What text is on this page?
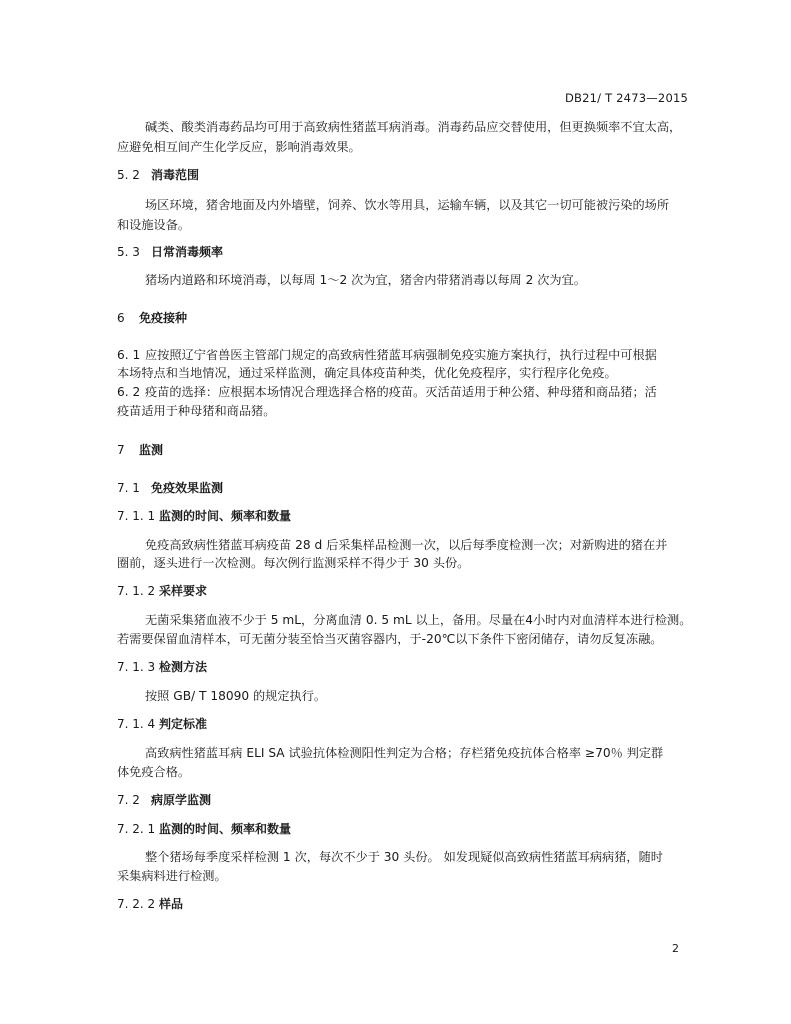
DB21/ T 2473—2015
碱类、酸类消毒药品均可用于高致病性猪蓝耳病消毒。消毒药品应交替使用，但更换频率不宜太高，
应避免相互间产生化学反应，影响消毒效果。
5. 2 消毒范围
场区环境，猪舍地面及内外墙壁，饲养、饮水等用具，运输车辆，以及其它一切可能被污染的场所
和设施设备。
5. 3 日常消毒频率
猪场内道路和环境消毒，以每周 1～2 次为宜，猪舍内带猪消毒以每周 2 次为宜。
6 免疫接种
6. 1 应按照辽宁省兽医主管部门规定的高致病性猪蓝耳病强制免疫实施方案执行，执行过程中可根据
本场特点和当地情况，通过采样监测，确定具体疫苗种类，优化免疫程序，实行程序化免疫。
6. 2 疫苗的选择：应根据本场情况合理选择合格的疫苗。灭活苗适用于种公猪、种母猪和商品猪；活
疫苗适用于种母猪和商品猪。
7 监测
7. 1 免疫效果监测
7. 1. 1 监测的时间、频率和数量
免疫高致病性猪蓝耳病疫苗 28 d 后采集样品检测一次，以后每季度检测一次；对新购进的猪在并
圈前，逐头进行一次检测。每次例行监测采样不得少于 30 头份。
7. 1. 2 采样要求
无菌采集猪血液不少于 5 mL，分离血清 0. 5 mL 以上，备用。尽量在4小时内对血清样本进行检测。
若需要保留血清样本，可无菌分装至恰当灭菌容器内，于-20℃以下条件下密闭储存，请勿反复冻融。
7. 1. 3 检测方法
按照 GB/ T 18090 的规定执行。
7. 1. 4 判定标准
高致病性猪蓝耳病 ELI SA 试验抗体检测阳性判定为合格；存栏猪免疫抗体合格率 ≥70％ 判定群
体免疫合格。
7. 2 病原学监测
7. 2. 1 监测的时间、频率和数量
整个猪场每季度采样检测 1 次，每次不少于 30 头份。 如发现疑似高致病性猪蓝耳病病猪，随时
采集病料进行检测。
7. 2. 2 样品
2
